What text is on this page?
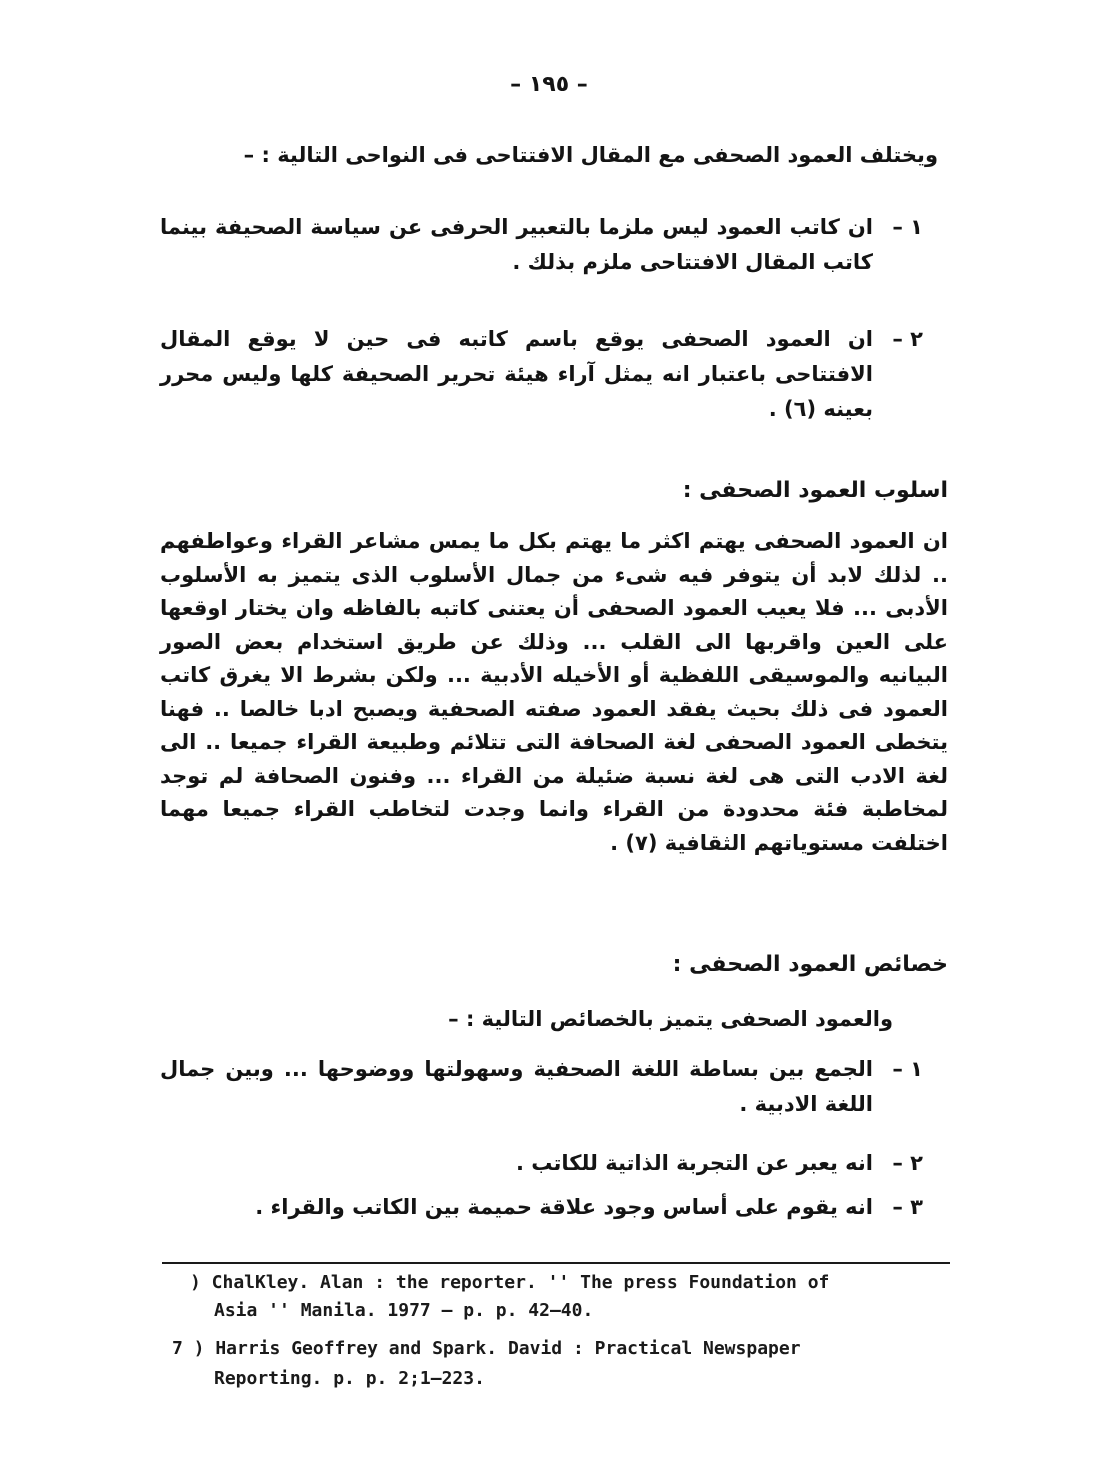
– ١٩٥ –
ويختلف العمود الصحفى مع المقال الافتتاحى فى النواحى التالية : –
١ –
ان كاتب العمود ليس ملزما بالتعبير الحرفى عن سياسة الصحيفة بينما كاتب المقال الافتتاحى ملزم بذلك .
٢ –
ان العمود الصحفى يوقع باسم كاتبه فى حين لا يوقع المقال الافتتاحى باعتبار انه يمثل آراء هيئة تحرير الصحيفة كلها وليس محرر بعينه (٦) .
اسلوب العمود الصحفى :
ان العمود الصحفى يهتم اكثر ما يهتم بكل ما يمس مشاعر القراء وعواطفهم .. لذلك لابد أن يتوفر فيه شىء من جمال الأسلوب الذى يتميز به الأسلوب الأدبى ... فلا يعيب العمود الصحفى أن يعتنى كاتبه بالفاظه وان يختار اوقعها على العين واقربها الى القلب ... وذلك عن طريق استخدام بعض الصور البيانيه والموسيقى اللفظية أو الأخيله الأدبية ... ولكن بشرط الا يغرق كاتب العمود فى ذلك بحيث يفقد العمود صفته الصحفية ويصبح ادبا خالصا .. فهنا يتخطى العمود الصحفى لغة الصحافة التى تتلائم وطبيعة القراء جميعا .. الى لغة الادب التى هى لغة نسبة ضئيلة من القراء ... وفنون الصحافة لم توجد لمخاطبة فئة محدودة من القراء وانما وجدت لتخاطب القراء جميعا مهما اختلفت مستوياتهم الثقافية (٧) .
خصائص العمود الصحفى :
والعمود الصحفى يتميز بالخصائص التالية : –
١ –
الجمع بين بساطة اللغة الصحفية وسهولتها ووضوحها ... وبين جمال اللغة الادبية .
٢ –
انه يعبر عن التجربة الذاتية للكاتب .
٣ –
انه يقوم على أساس وجود علاقة حميمة بين الكاتب والقراء .
) ChalKley. Alan : the reporter. '' The press Foundation of
Asia '' Manila. 1977 — p. p. 42—40.
7 ) Harris Geoffrey and Spark. David : Practical Newspaper
Reporting. p. p. 2;1—223.
